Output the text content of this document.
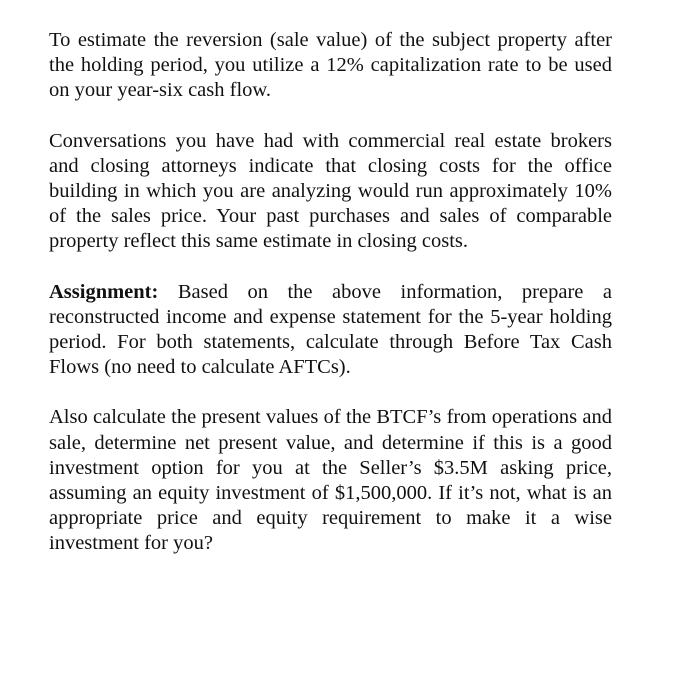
To estimate the reversion (sale value) of the subject property after the holding period, you utilize a 12% capitalization rate to be used on your year-six cash flow.

Conversations you have had with commercial real estate brokers and closing attorneys indicate that closing costs for the office building in which you are analyzing would run approximately 10% of the sales price. Your past purchases and sales of comparable property reflect this same estimate in closing costs.

Assignment: Based on the above information, prepare a reconstructed income and expense statement for the 5-year holding period. For both statements, calculate through Before Tax Cash Flows (no need to calculate AFTCs).

Also calculate the present values of the BTCF’s from operations and sale, determine net present value, and determine if this is a good investment option for you at the Seller’s $3.5M asking price, assuming an equity investment of $1,500,000. If it’s not, what is an appropriate price and equity requirement to make it a wise investment for you?
